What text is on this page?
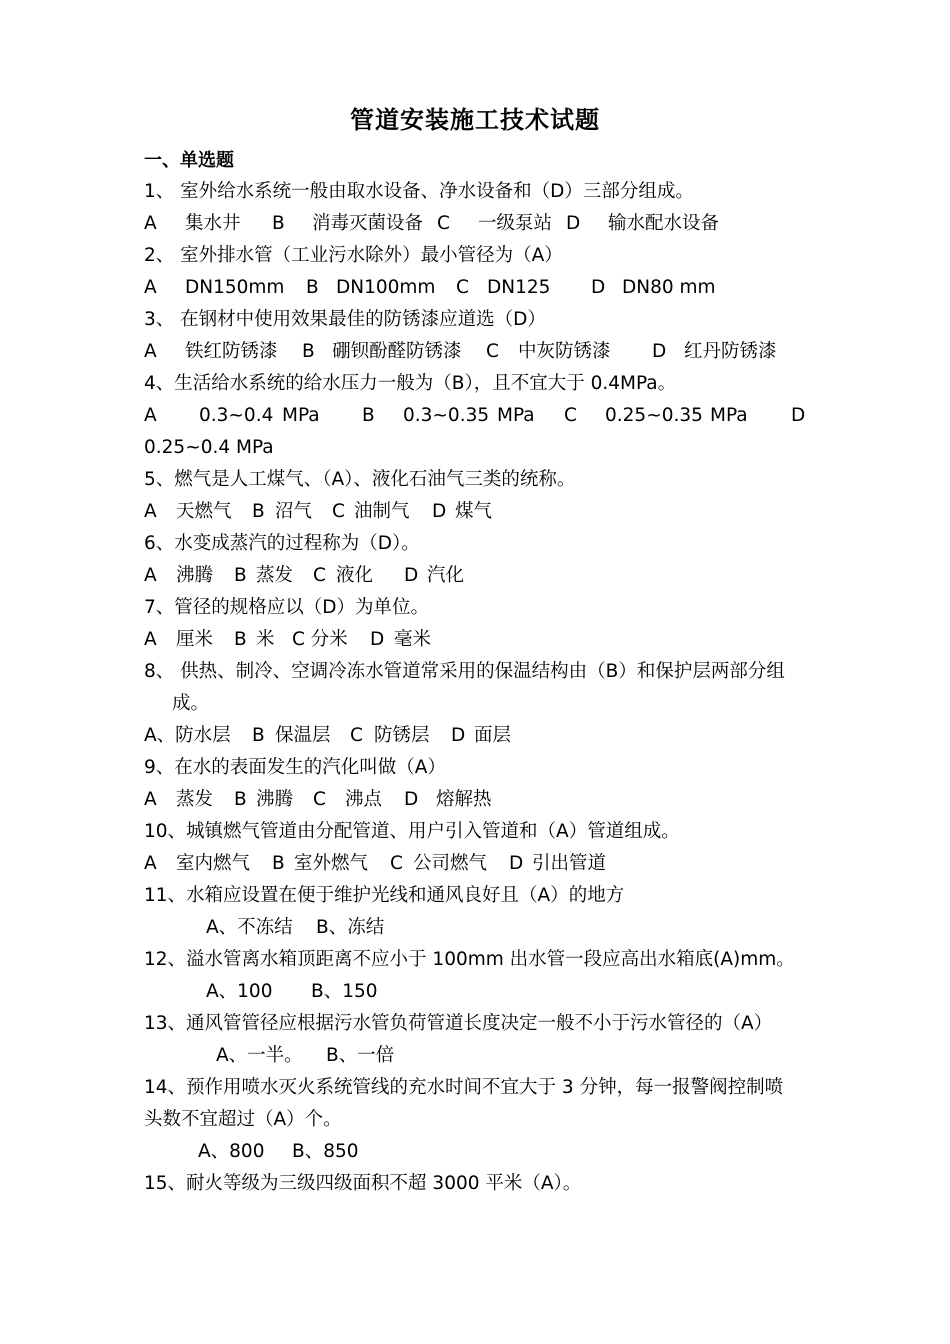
管道安装施工技术试题
一、单选题
1、 室外给水系统一般由取水设备、净水设备和（D）三部分组成。
A 集水井 B 消毒灭菌设备 C 一级泵站 D 输水配水设备
2、 室外排水管（工业污水除外）最小管径为（A）
A DN150mm B DN100mm C DN125 D DN80 mm
3、 在钢材中使用效果最佳的防锈漆应道选（D）
A 铁红防锈漆 B 硼钡酚醛防锈漆 C 中灰防锈漆 D 红丹防锈漆
4、生活给水系统的给水压力一般为（B），且不宜大于 0.4MPa。
A 0.3~0.4 MPa B 0.3~0.35 MPa C 0.25~0.35 MPa D
0.25~0.4 MPa
5、燃气是人工煤气、（A）、液化石油气三类的统称。
A 天燃气 B 沼气 C 油制气 D 煤气
6、水变成蒸汽的过程称为（D）。
A 沸腾 B 蒸发 C 液化 D 汽化
7、管径的规格应以（D）为单位。
A 厘米 B 米 C 分米 D 毫米
8、 供热、制冷、空调冷冻水管道常采用的保温结构由（B）和保护层两部分组
成。
A、防水层 B 保温层 C 防锈层 D 面层
9、在水的表面发生的汽化叫做（A）
A 蒸发 B 沸腾 C 沸点 D 熔解热
10、城镇燃气管道由分配管道、用户引入管道和（A）管道组成。
A 室内燃气 B 室外燃气 C 公司燃气 D 引出管道
11、水箱应设置在便于维护光线和通风良好且（A）的地方
A、不冻结 B、冻结
12、溢水管离水箱顶距离不应小于 100mm 出水管一段应高出水箱底(A)mm。
A、100 B、150
13、通风管管径应根据污水管负荷管道长度决定一般不小于污水管径的（A）
A、一半。 B、一倍
14、预作用喷水灭火系统管线的充水时间不宜大于 3 分钟，每一报警阀控制喷
头数不宜超过（A）个。
A、800 B、850
15、耐火等级为三级四级面积不超 3000 平米（A）。
